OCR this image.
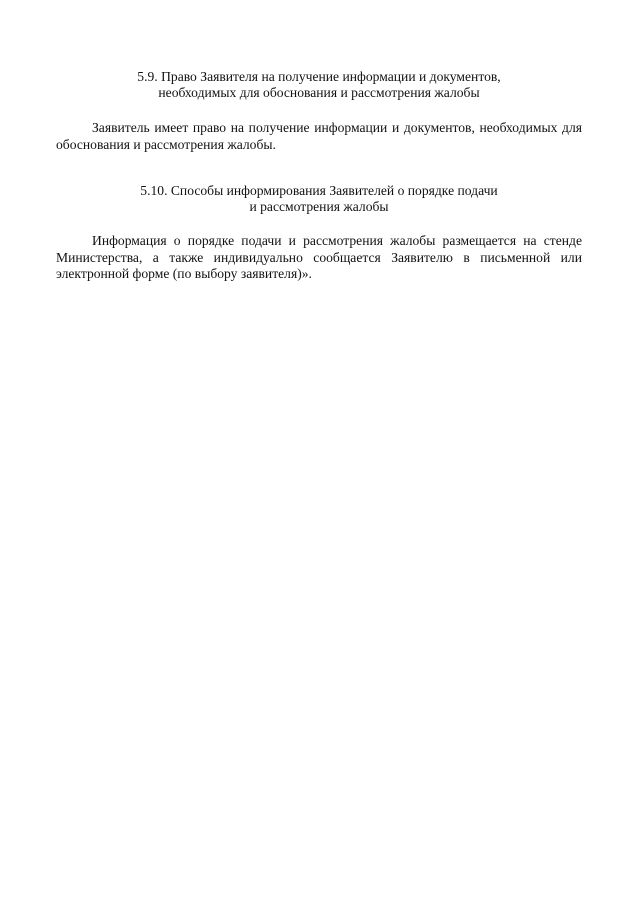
5.9. Право Заявителя на получение информации и документов,
необходимых для обоснования и рассмотрения жалобы
Заявитель имеет право на получение информации и документов, необходимых для обоснования и рассмотрения жалобы.
5.10. Способы информирования Заявителей о порядке подачи
и рассмотрения жалобы
Информация о порядке подачи и рассмотрения жалобы размещается на стенде Министерства, а также индивидуально сообщается Заявителю в письменной или электронной форме (по выбору заявителя)».
